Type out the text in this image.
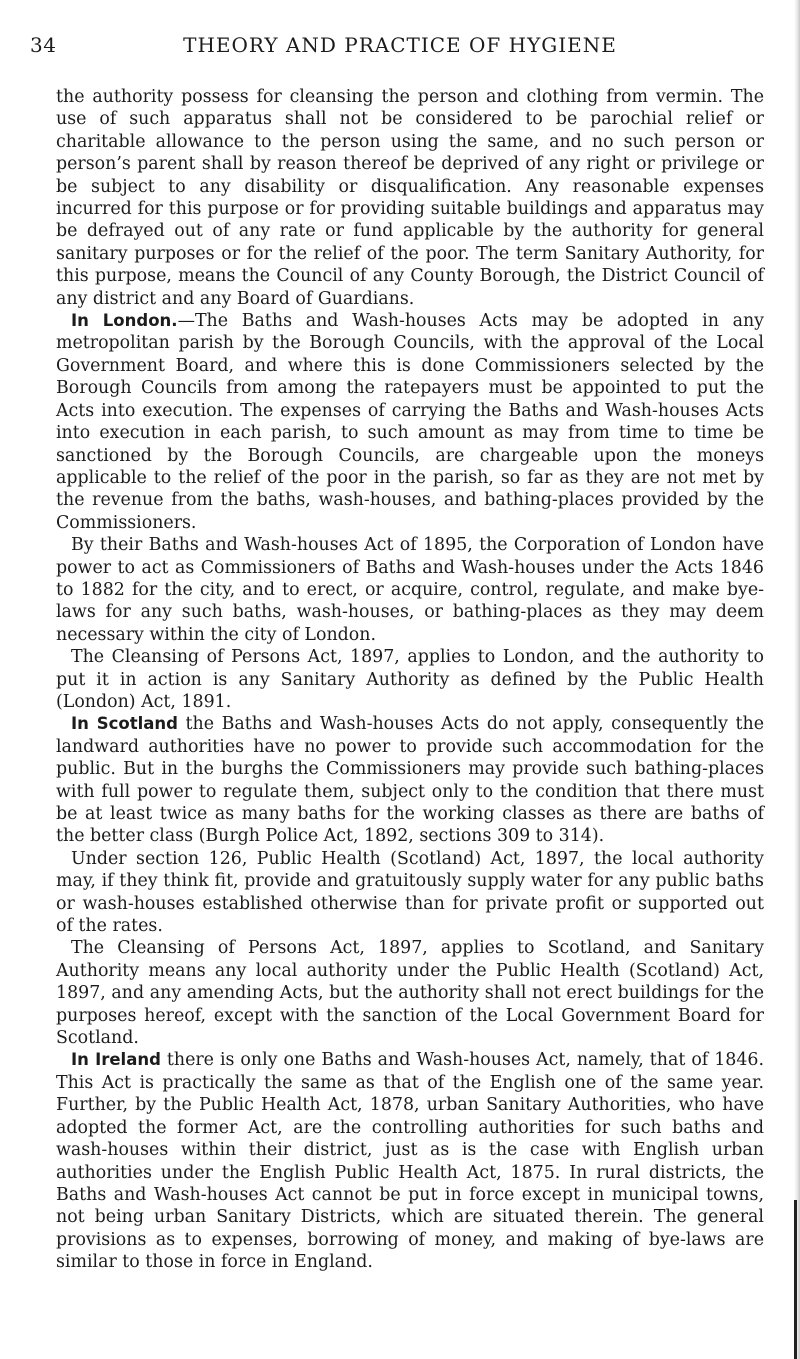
34	THEORY AND PRACTICE OF HYGIENE

the authority possess for cleansing the person and clothing from vermin. The use of such apparatus shall not be considered to be parochial relief or charitable allowance to the person using the same, and no such person or person’s parent shall by reason thereof be deprived of any right or privilege or be subject to any disability or disqualification. Any reasonable expenses incurred for this purpose or for providing suitable buildings and apparatus may be defrayed out of any rate or fund applicable by the authority for general sanitary purposes or for the relief of the poor. The term Sanitary Authority, for this purpose, means the Council of any County Borough, the District Council of any district and any Board of Guardians.

In London.—The Baths and Wash-houses Acts may be adopted in any metropolitan parish by the Borough Councils, with the approval of the Local Government Board, and where this is done Commissioners selected by the Borough Councils from among the ratepayers must be appointed to put the Acts into execution. The expenses of carrying the Baths and Wash-houses Acts into execution in each parish, to such amount as may from time to time be sanctioned by the Borough Councils, are chargeable upon the moneys applicable to the relief of the poor in the parish, so far as they are not met by the revenue from the baths, wash-houses, and bathing-places provided by the Commissioners.

By their Baths and Wash-houses Act of 1895, the Corporation of London have power to act as Commissioners of Baths and Wash-houses under the Acts 1846 to 1882 for the city, and to erect, or acquire, control, regulate, and make bye-laws for any such baths, wash-houses, or bathing-places as they may deem necessary within the city of London.

The Cleansing of Persons Act, 1897, applies to London, and the authority to put it in action is any Sanitary Authority as defined by the Public Health (London) Act, 1891.

In Scotland the Baths and Wash-houses Acts do not apply, consequently the landward authorities have no power to provide such accommodation for the public. But in the burghs the Commissioners may provide such bathing-places with full power to regulate them, subject only to the condition that there must be at least twice as many baths for the working classes as there are baths of the better class (Burgh Police Act, 1892, sections 309 to 314).

Under section 126, Public Health (Scotland) Act, 1897, the local authority may, if they think fit, provide and gratuitously supply water for any public baths or wash-houses established otherwise than for private profit or supported out of the rates.

The Cleansing of Persons Act, 1897, applies to Scotland, and Sanitary Authority means any local authority under the Public Health (Scotland) Act, 1897, and any amending Acts, but the authority shall not erect buildings for the purposes hereof, except with the sanction of the Local Government Board for Scotland.

In Ireland there is only one Baths and Wash-houses Act, namely, that of 1846. This Act is practically the same as that of the English one of the same year. Further, by the Public Health Act, 1878, urban Sanitary Authorities, who have adopted the former Act, are the controlling authorities for such baths and wash-houses within their district, just as is the case with English urban authorities under the English Public Health Act, 1875. In rural districts, the Baths and Wash-houses Act cannot be put in force except in municipal towns, not being urban Sanitary Districts, which are situated therein. The general provisions as to expenses, borrowing of money, and making of bye-laws are similar to those in force in England.
